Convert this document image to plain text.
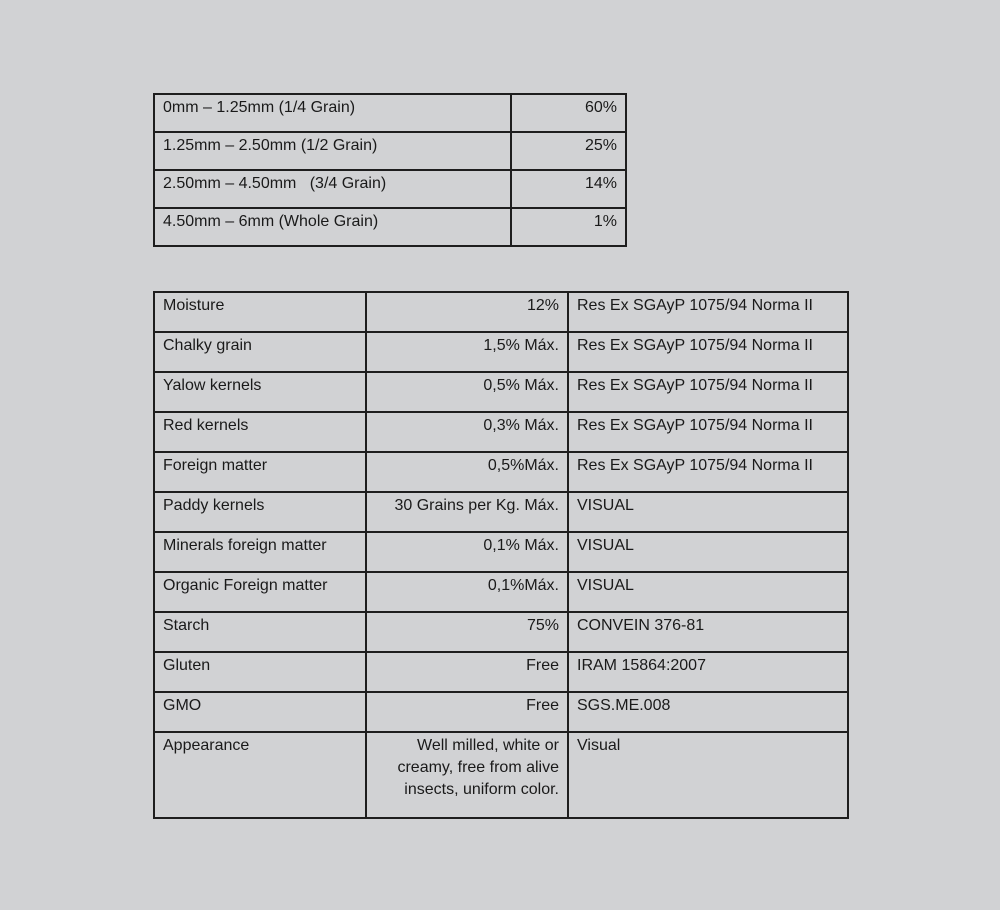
0mm – 1.25mm (1/4 Grain)	60%
1.25mm – 2.50mm (1/2 Grain)	25%
2.50mm – 4.50mm   (3/4 Grain)	14%
4.50mm – 6mm (Whole Grain)	1%
Moisture	12%	Res Ex SGAyP 1075/94 Norma II
Chalky grain	1,5% Máx.	Res Ex SGAyP 1075/94 Norma II
Yalow kernels	0,5% Máx.	Res Ex SGAyP 1075/94 Norma II
Red kernels	0,3% Máx.	Res Ex SGAyP 1075/94 Norma II
Foreign matter	0,5%Máx.	Res Ex SGAyP 1075/94 Norma II
Paddy kernels	30 Grains per Kg. Máx.	VISUAL
Minerals foreign matter	0,1% Máx.	VISUAL
Organic Foreign matter	0,1%Máx.	VISUAL
Starch	75%	CONVEIN 376-81
Gluten	Free	IRAM 15864:2007
GMO	Free	SGS.ME.008
Appearance	Well milled, white or creamy, free from alive insects, uniform color.	Visual
